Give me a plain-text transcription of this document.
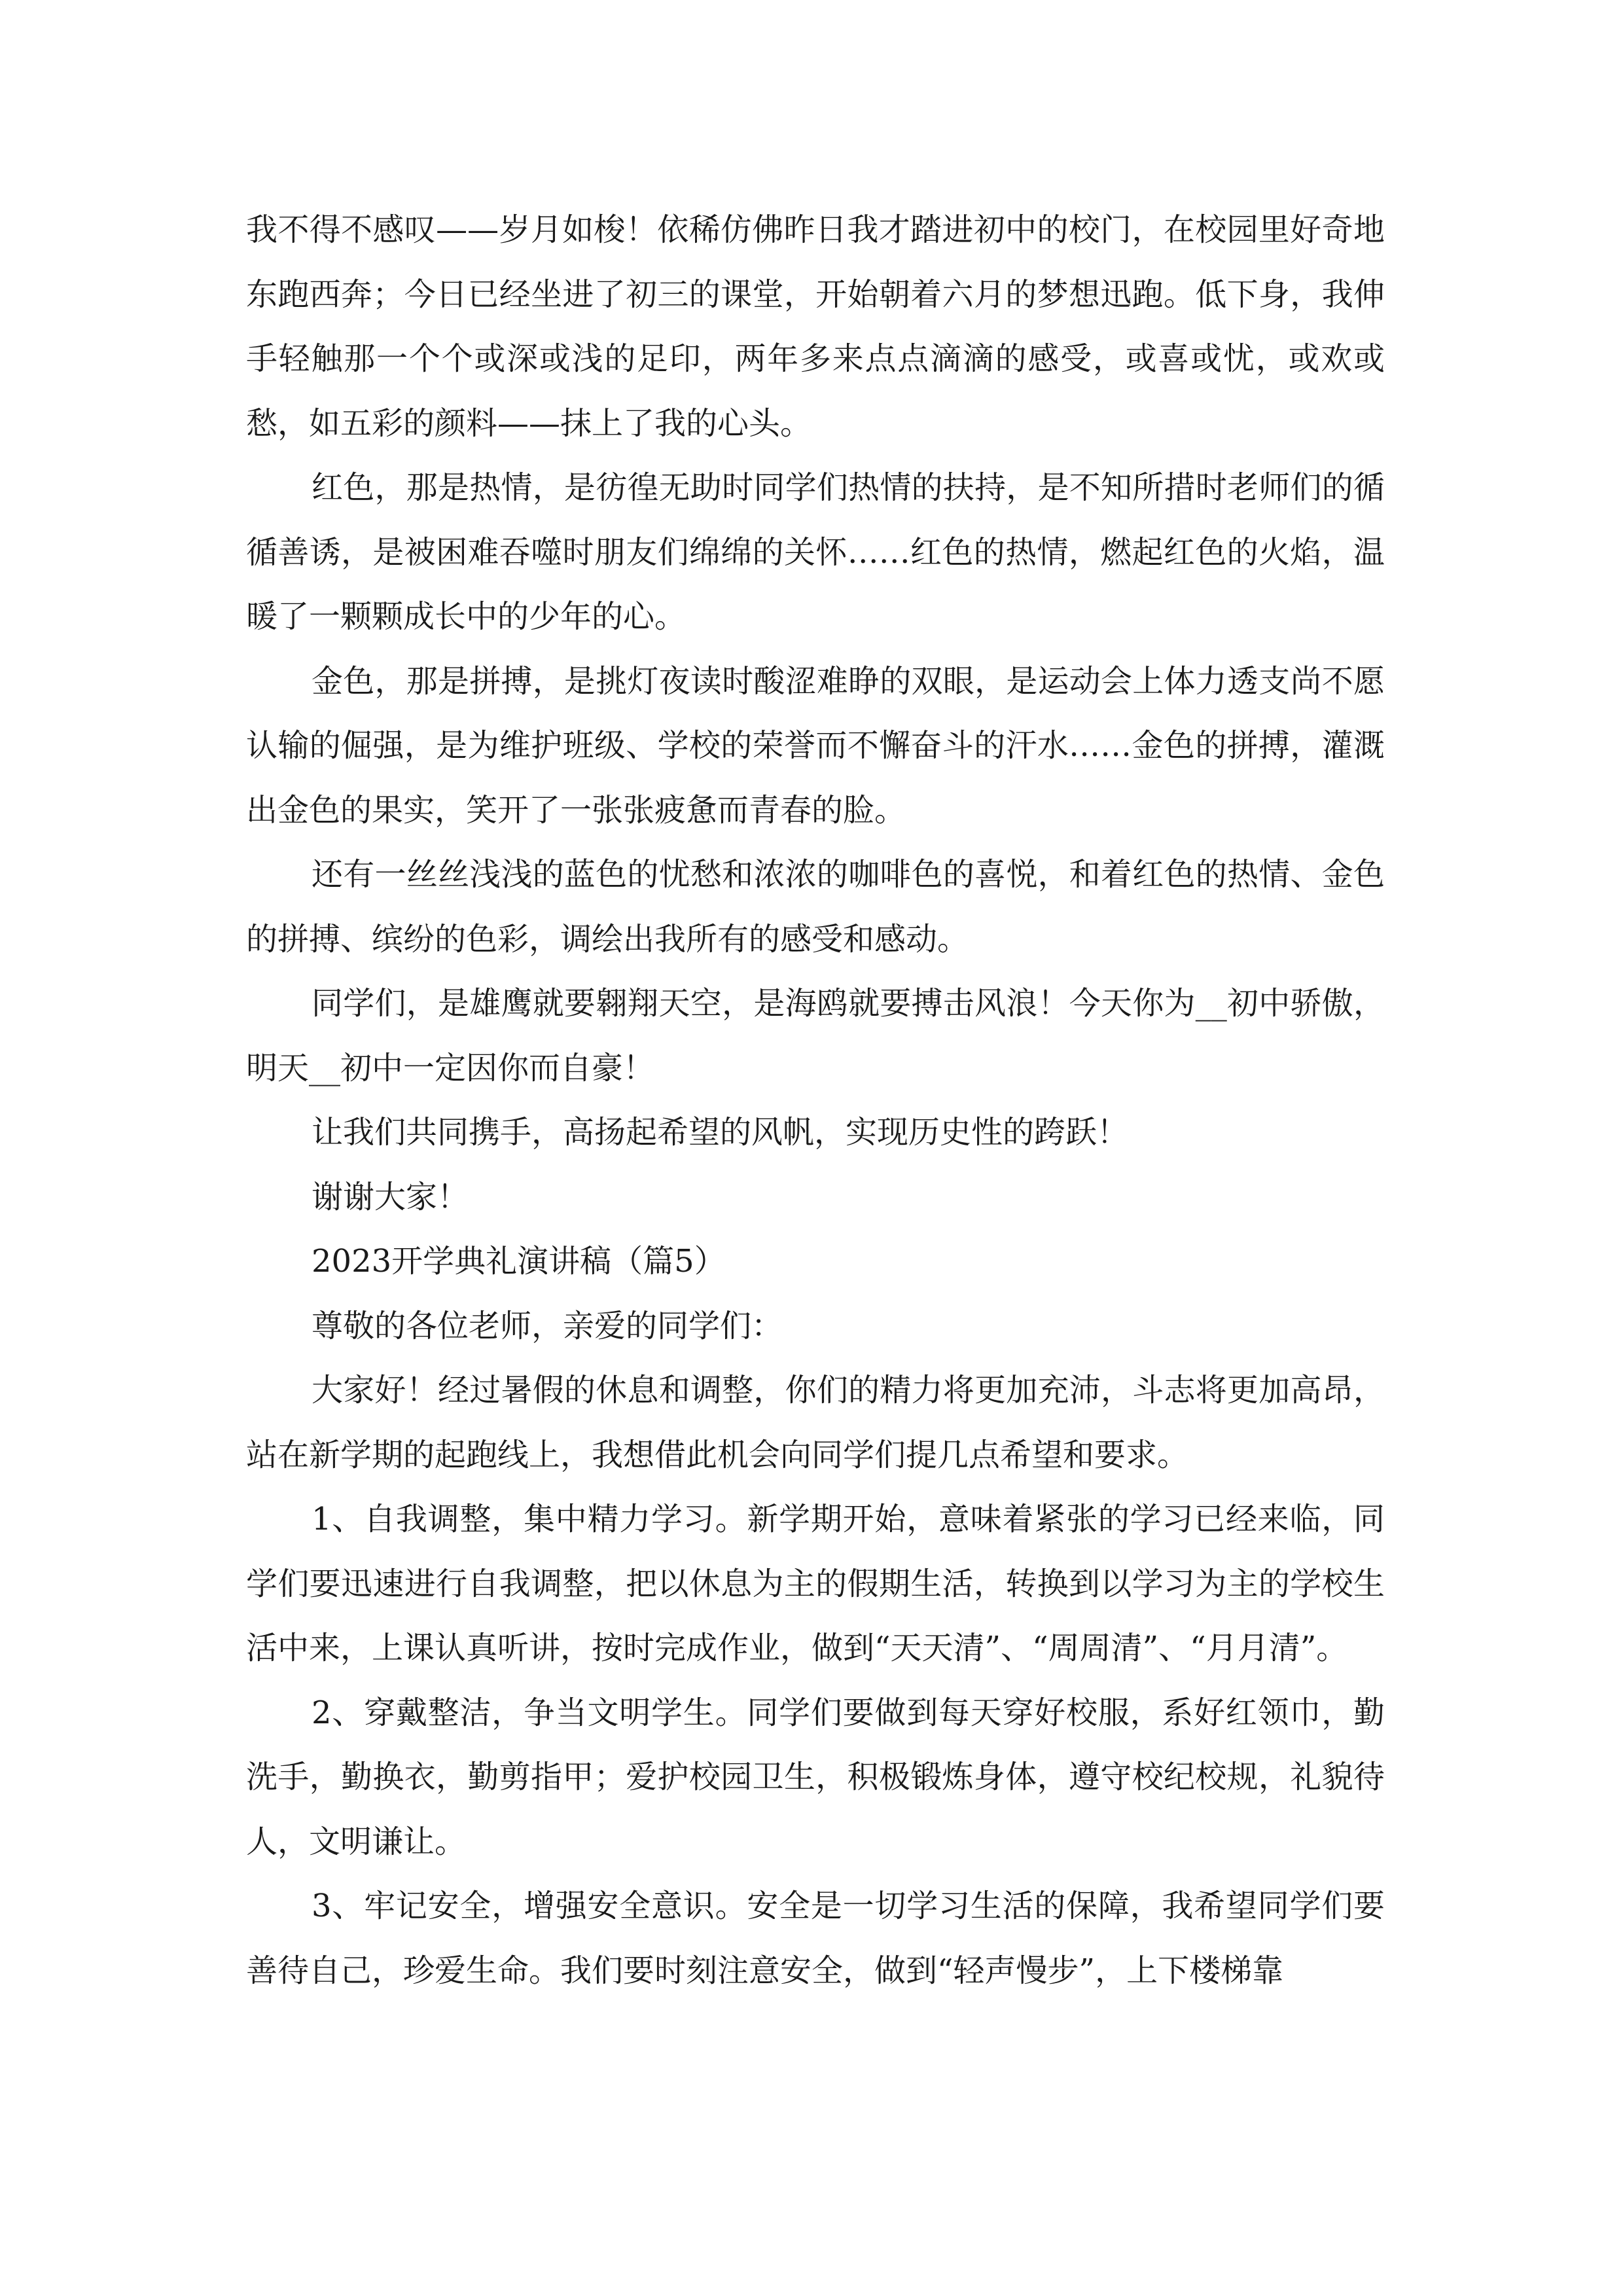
我不得不感叹——岁月如梭！依稀仿佛昨日我才踏进初中的校门，在校园里好奇地东跑西奔；今日已经坐进了初三的课堂，开始朝着六月的梦想迅跑。低下身，我伸手轻触那一个个或深或浅的足印，两年多来点点滴滴的感受，或喜或忧，或欢或愁，如五彩的颜料——抹上了我的心头。

红色，那是热情，是彷徨无助时同学们热情的扶持，是不知所措时老师们的循循善诱，是被困难吞噬时朋友们绵绵的关怀……红色的热情，燃起红色的火焰，温暖了一颗颗成长中的少年的心。

金色，那是拼搏，是挑灯夜读时酸涩难睁的双眼，是运动会上体力透支尚不愿认输的倔强，是为维护班级、学校的荣誉而不懈奋斗的汗水……金色的拼搏，灌溉出金色的果实，笑开了一张张疲惫而青春的脸。

还有一丝丝浅浅的蓝色的忧愁和浓浓的咖啡色的喜悦，和着红色的热情、金色的拼搏、缤纷的色彩，调绘出我所有的感受和感动。

同学们，是雄鹰就要翱翔天空，是海鸥就要搏击风浪！今天你为__初中骄傲，明天__初中一定因你而自豪！

让我们共同携手，高扬起希望的风帆，实现历史性的跨跃！

谢谢大家！

2023开学典礼演讲稿（篇5）

尊敬的各位老师，亲爱的同学们：

大家好！经过暑假的休息和调整，你们的精力将更加充沛，斗志将更加高昂，站在新学期的起跑线上，我想借此机会向同学们提几点希望和要求。

1、自我调整，集中精力学习。新学期开始，意味着紧张的学习已经来临，同学们要迅速进行自我调整，把以休息为主的假期生活，转换到以学习为主的学校生活中来，上课认真听讲，按时完成作业，做到“天天清”、“周周清”、“月月清”。

2、穿戴整洁，争当文明学生。同学们要做到每天穿好校服，系好红领巾，勤洗手，勤换衣，勤剪指甲；爱护校园卫生，积极锻炼身体，遵守校纪校规，礼貌待人，文明谦让。

3、牢记安全，增强安全意识。安全是一切学习生活的保障，我希望同学们要善待自己，珍爱生命。我们要时刻注意安全，做到“轻声慢步”，上下楼梯靠
